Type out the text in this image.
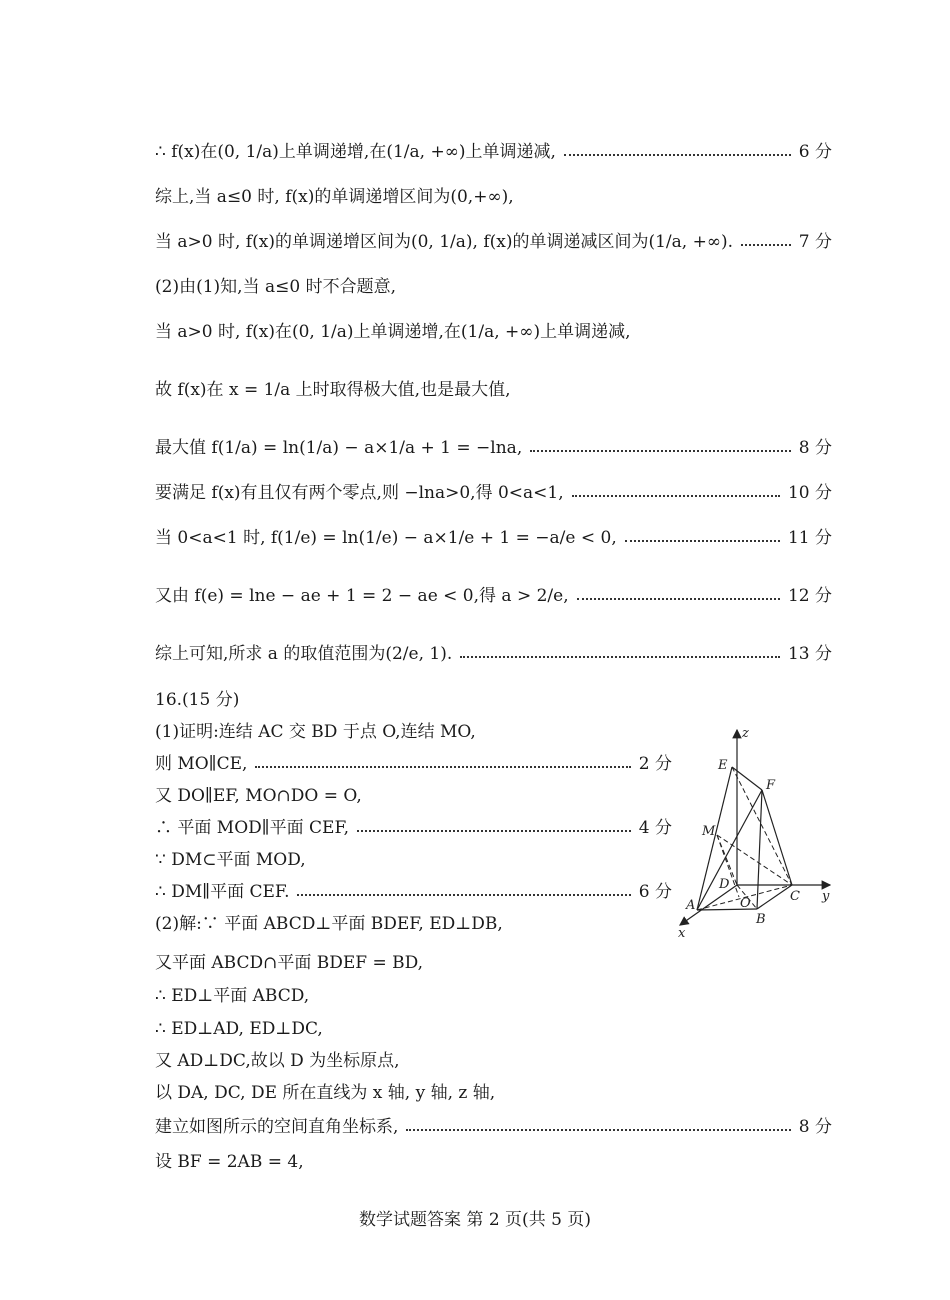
∴ f(x)在(0, 1/a)上单调递增,在(1/a, +∞)上单调递减,	6 分
综上,当 a≤0 时, f(x)的单调递增区间为(0,+∞),
当 a>0 时, f(x)的单调递增区间为(0, 1/a), f(x)的单调递减区间为(1/a, +∞).	7 分
(2)由(1)知,当 a≤0 时不合题意,
当 a>0 时, f(x)在(0, 1/a)上单调递增,在(1/a, +∞)上单调递减,
故 f(x)在 x = 1/a 上时取得极大值,也是最大值,
最大值 f(1/a) = ln(1/a) − a×1/a + 1 = −lna,	8 分
要满足 f(x)有且仅有两个零点,则 −lna>0,得 0<a<1,	10 分
当 0<a<1 时, f(1/e) = ln(1/e) − a×1/e + 1 = −a/e < 0,	11 分
又由 f(e) = lne − ae + 1 = 2 − ae < 0,得 a > 2/e,	12 分
综上可知,所求 a 的取值范围为(2/e, 1).	13 分
16.(15 分)
(1)证明:连结 AC 交 BD 于点 O,连结 MO,
则 MO∥CE,	2 分
又 DO∥EF, MO∩DO = O,
∴ 平面 MOD∥平面 CEF,	4 分
∵ DM⊂平面 MOD,
∴ DM∥平面 CEF.	6 分
(2)解:∵ 平面 ABCD⊥平面 BDEF, ED⊥DB,
又平面 ABCD∩平面 BDEF = BD,
∴ ED⊥平面 ABCD,
∴ ED⊥AD, ED⊥DC,
又 AD⊥DC,故以 D 为坐标原点,
以 DA, DC, DE 所在直线为 x 轴, y 轴, z 轴,
建立如图所示的空间直角坐标系,	8 分
设 BF = 2AB = 4,
z
y
x
E
F
M
D
O
A
B
C
数学试题答案 第 2 页(共 5 页)
